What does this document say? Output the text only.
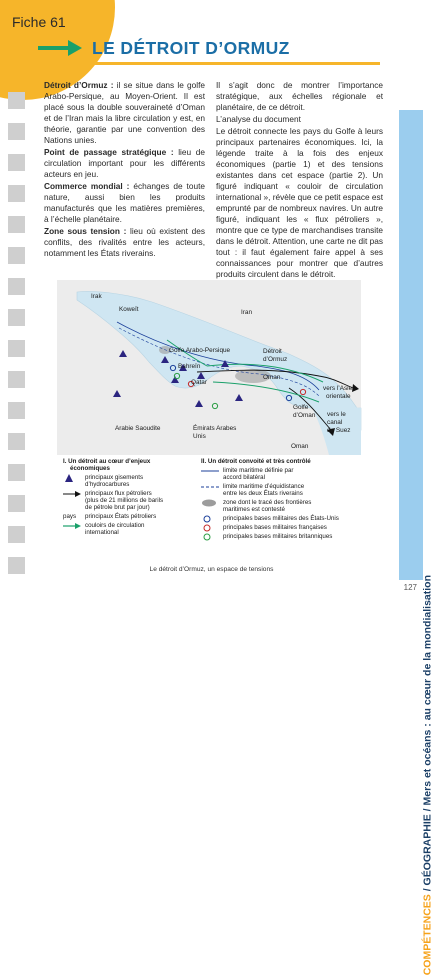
Fiche 61
LE DÉTROIT D’ORMUZ

Détroit d’Ormuz : il se situe dans le golfe Arabo-Persique, au Moyen-Orient. Il est placé sous la double souveraineté d’Oman et de l’Iran mais la libre circulation y est, en théorie, garantie par une convention des Nations unies.

Point de passage stratégique : lieu de circulation important pour les différents acteurs en jeu.

Commerce mondial : échanges de toute nature, aussi bien les produits manufacturés que les matières premières, à l’échelle planétaire.

Zone sous tension : lieu où existent des conflits, des rivalités entre les acteurs, notamment les États riverains.

Il s’agit donc de montrer l’importance stratégique, aux échelles régionale et planétaire, de ce détroit.

L’analyse du document

Le détroit connecte les pays du Golfe à leurs principaux partenaires économiques. Ici, la légende traite à la fois des enjeux économiques (partie 1) et des tensions existantes dans cet espace (partie 2). Un figuré indiquant « couloir de circulation international », révèle que ce petit espace est emprunté par de nombreux navires. Un autre figuré, indiquant les « flux pétroliers », montre que ce type de marchandises transite dans le détroit. Attention, une carte ne dit pas tout : il faut également faire appel à ses connaissances pour montrer que d’autres produits circulent dans le détroit.

Irak
Koweït	Iran
Golfe Arabo-Persique
Bahreïn
Qatar
Détroit
d’Ormuz
Oman
vers l’Asie
orientale
Golfe
d’Oman vers le
canal
de Suez
Arabie Saoudite	Émirats Arabes
Unis
Oman
I. Un détroit au cœur d’enjeux
économiques
principaux gisements
d’hydrocarbures
principaux flux pétroliers
(plus de 21 millions de barils
de pétrole brut par jour)
pays	principaux États pétroliers
couloirs de circulation
international
II. Un détroit convoité et très contrôlé
limite maritime définie par
accord bilatéral
limite maritime d’équidistance
entre les deux États riverains
zone dont le tracé des frontières
maritimes est contesté
principales bases militaires des États-Unis
principales bases militaires françaises
principales bases militaires britanniques
Le détroit d’Ormuz, un espace de tensions
COMPÉTENCES / GÉOGRAPHIE / Mers et océans : au cœur de la mondialisation
127
